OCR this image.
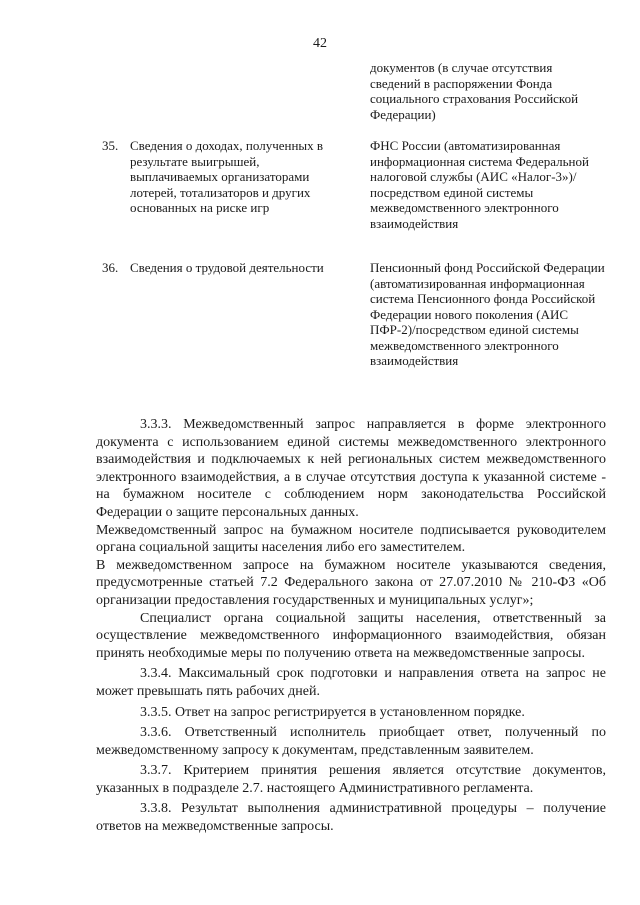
42
документов (в случае отсутствия сведений в распоряжении Фонда социального страхования Российской Федерации)
35. Сведения о доходах, полученных в результате выигрышей, выплачиваемых организаторами лотерей, тотализаторов и других основанных на риске игр
ФНС России (автоматизированная информационная система Федеральной налоговой службы (АИС «Налог-3»)/посредством единой системы межведомственного электронного взаимодействия
36. Сведения о трудовой деятельности	Пенсионный фонд Российской Федерации (автоматизированная информационная система Пенсионного фонда Российской Федерации нового поколения (АИС ПФР-2)/посредством единой системы межведомственного электронного взаимодействия

3.3.3. Межведомственный запрос направляется в форме электронного документа с использованием единой системы межведомственного электронного взаимодействия и подключаемых к ней региональных систем межведомственного электронного взаимодействия, а в случае отсутствия доступа к указанной системе - на бумажном носителе с соблюдением норм законодательства Российской Федерации о защите персональных данных.

Межведомственный запрос на бумажном носителе подписывается руководителем органа социальной защиты населения либо его заместителем.

В межведомственном запросе на бумажном носителе указываются сведения, предусмотренные статьей 7.2 Федерального закона от 27.07.2010 № 210-ФЗ «Об организации предоставления государственных и муниципальных услуг»;

Специалист органа социальной защиты населения, ответственный за осуществление межведомственного информационного взаимодействия, обязан принять необходимые меры по получению ответа на межведомственные запросы.

3.3.4. Максимальный срок подготовки и направления ответа на запрос не может превышать пять рабочих дней.

3.3.5. Ответ на запрос регистрируется в установленном порядке.

3.3.6. Ответственный исполнитель приобщает ответ, полученный по межведомственному запросу к документам, представленным заявителем.

3.3.7. Критерием принятия решения является отсутствие документов, указанных в подразделе 2.7. настоящего Административного регламента.

3.3.8. Результат выполнения административной процедуры – получение ответов на межведомственные запросы.
